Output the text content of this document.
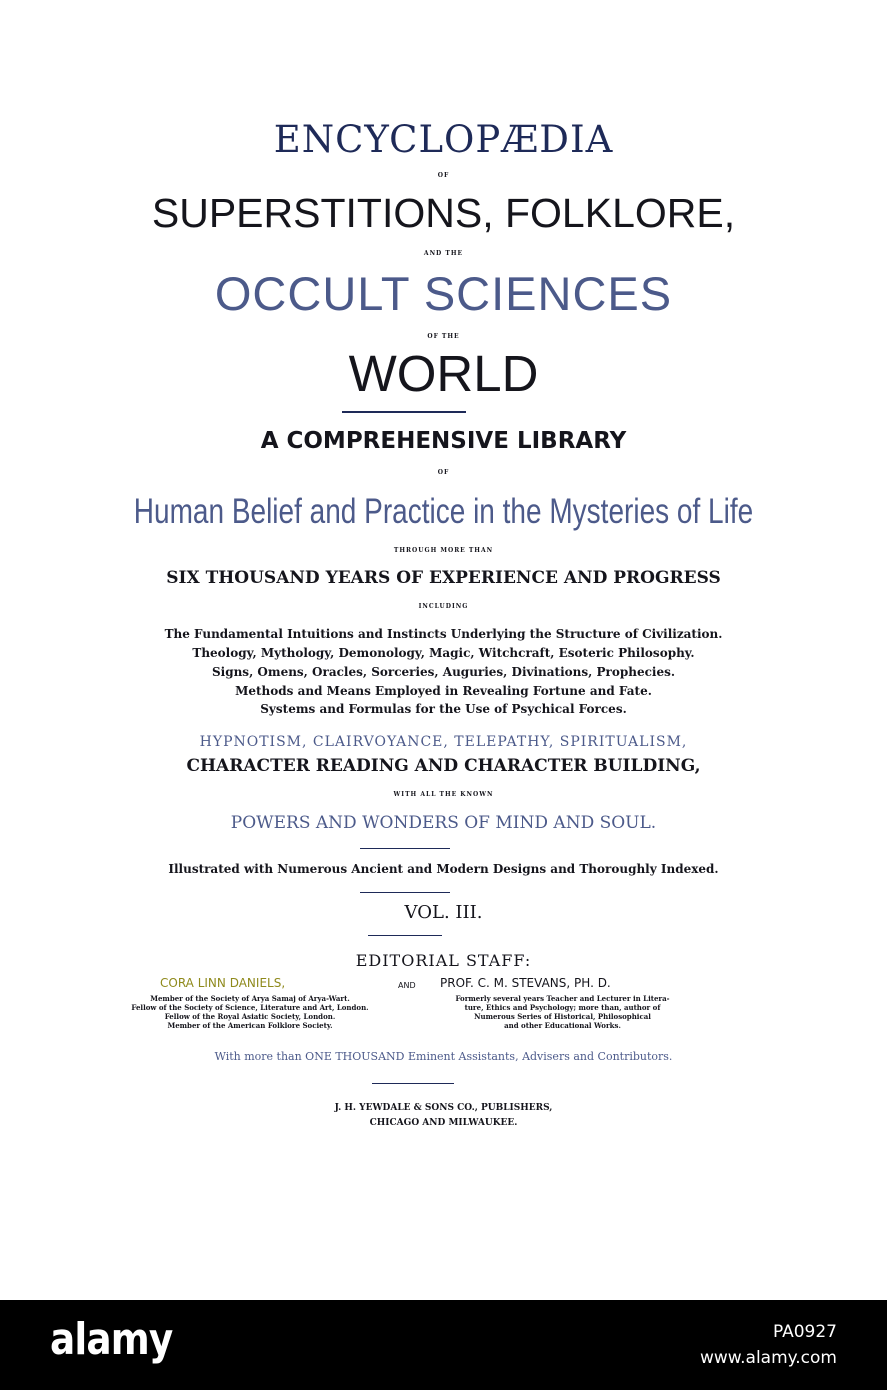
ENCYCLOPÆDIA

OF

SUPERSTITIONS, FOLKLORE,

AND THE

OCCULT SCIENCES

OF THE

WORLD

A COMPREHENSIVE LIBRARY

OF

Human Belief and Practice in the Mysteries of Life

THROUGH MORE THAN

SIX THOUSAND YEARS OF EXPERIENCE AND PROGRESS

INCLUDING

The Fundamental Intuitions and Instincts Underlying the Structure of Civilization.

Theology, Mythology, Demonology, Magic, Witchcraft, Esoteric Philosophy.

Signs, Omens, Oracles, Sorceries, Auguries, Divinations, Prophecies.

Methods and Means Employed in Revealing Fortune and Fate.

Systems and Formulas for the Use of Psychical Forces.

HYPNOTISM, CLAIRVOYANCE, TELEPATHY, SPIRITUALISM,

CHARACTER READING AND CHARACTER BUILDING,

WITH ALL THE KNOWN

POWERS AND WONDERS OF MIND AND SOUL.

Illustrated with Numerous Ancient and Modern Designs and Thoroughly Indexed.

VOL. III.

EDITORIAL STAFF:

CORA LINN DANIELS,
Member of the Society of Arya Samaj of Arya-Wart.
Fellow of the Society of Science, Literature and Art, London.
Fellow of the Royal Asiatic Society, London.
Member of the American Folklore Society.
AND PROF. C. M. STEVANS, PH. D.
Formerly several years Teacher and Lecturer in Litera-
ture, Ethics and Psychology; more than, author of
Numerous Series of Historical, Philosophical
and other Educational Works.

With more than ONE THOUSAND Eminent Assistants, Advisers and Contributors.

J. H. YEWDALE & SONS CO., PUBLISHERS,

CHICAGO AND MILWAUKEE.

alamy	PA0927
www.alamy.com
